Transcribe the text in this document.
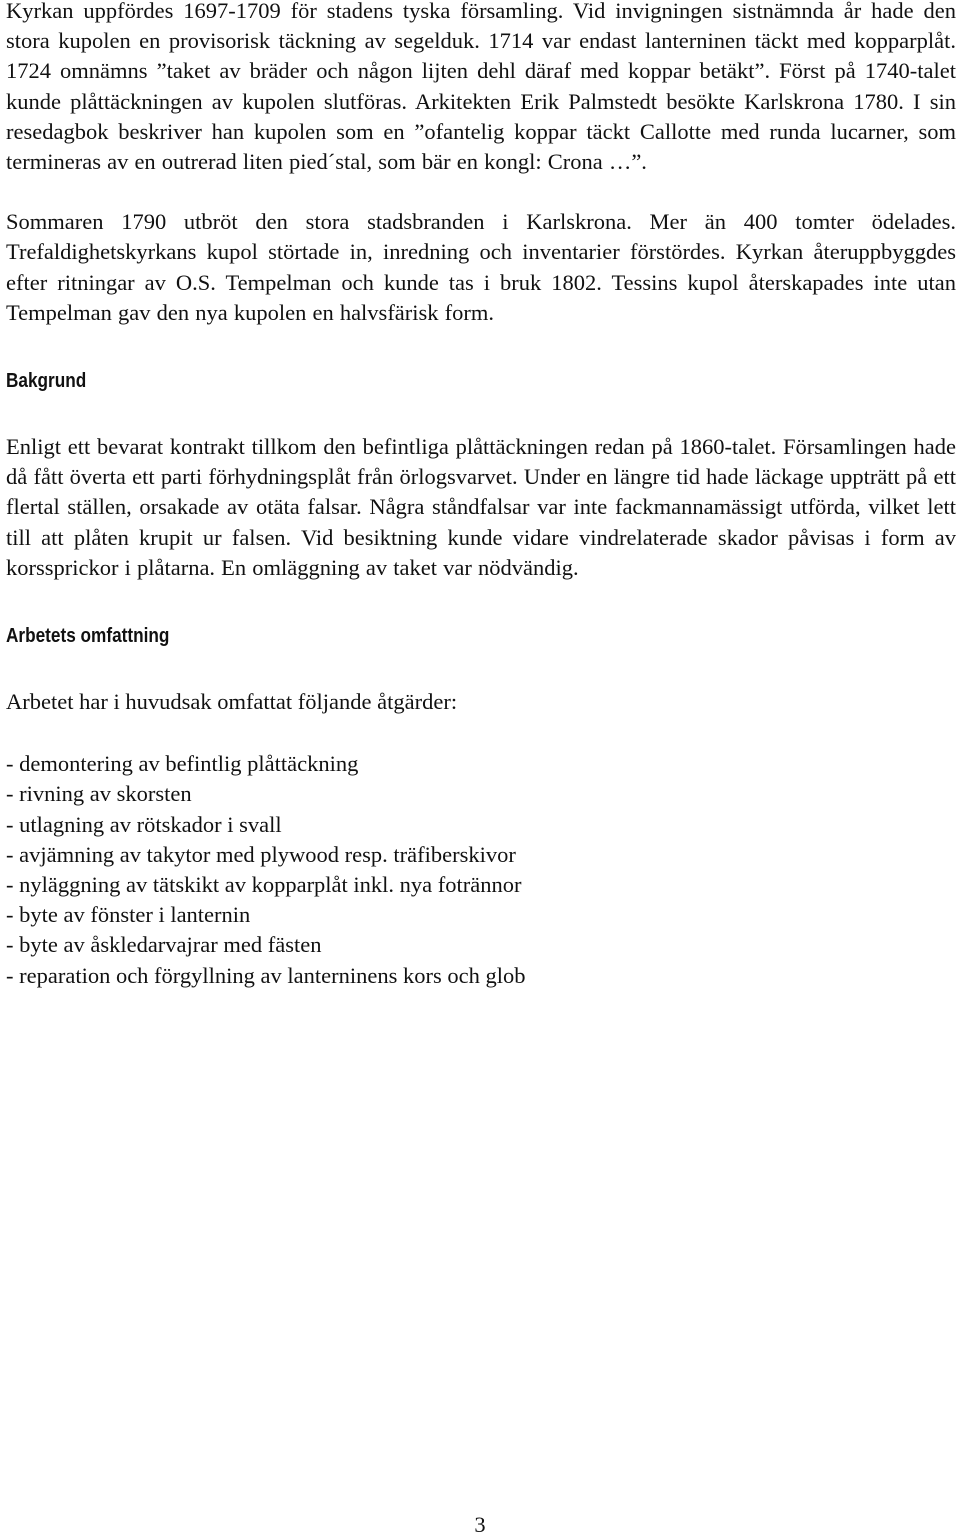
Kyrkan uppfördes 1697-1709 för stadens tyska församling. Vid invigningen sistnämnda år hade den stora kupolen en provisorisk täckning av segelduk. 1714 var endast lanterninen täckt med kopparplåt. 1724 omnämns ”taket av bräder och någon lijten dehl däraf med koppar betäkt”. Först på 1740-talet kunde plåttäckningen av kupolen slutföras. Arkitekten Erik Palmstedt besökte Karlskrona 1780. I sin resedagbok beskriver han kupolen som en ”ofantelig koppar täckt Callotte med runda lucarner, som termineras av en outrerad liten pied´stal, som bär en kongl: Crona …”.

Sommaren 1790 utbröt den stora stadsbranden i Karlskrona. Mer än 400 tomter ödelades. Trefaldighetskyrkans kupol störtade in, inredning och inventarier förstördes. Kyrkan återuppbyggdes efter ritningar av O.S. Tempelman och kunde tas i bruk 1802. Tessins kupol återskapades inte utan Tempelman gav den nya kupolen en halvsfärisk form.

Bakgrund

Enligt ett bevarat kontrakt tillkom den befintliga plåttäckningen redan på 1860-talet. Församlingen hade då fått överta ett parti förhydningsplåt från örlogsvarvet. Under en längre tid hade läckage uppträtt på ett flertal ställen, orsakade av otäta falsar. Några ståndfalsar var inte fackmannamässigt utförda, vilket lett till att plåten krupit ur falsen. Vid besiktning kunde vidare vindrelaterade skador påvisas i form av korssprickor i plåtarna. En omläggning av taket var nödvändig.

Arbetets omfattning

Arbetet har i huvudsak omfattat följande åtgärder:

- demontering av befintlig plåttäckning
- rivning av skorsten
- utlagning av rötskador i svall
- avjämning av takytor med plywood resp. träfiberskivor
- nyläggning av tätskikt av kopparplåt inkl. nya fotrännor
- byte av fönster i lanternin
- byte av åskledarvajrar med fästen
- reparation och förgyllning av lanterninens kors och glob
3
